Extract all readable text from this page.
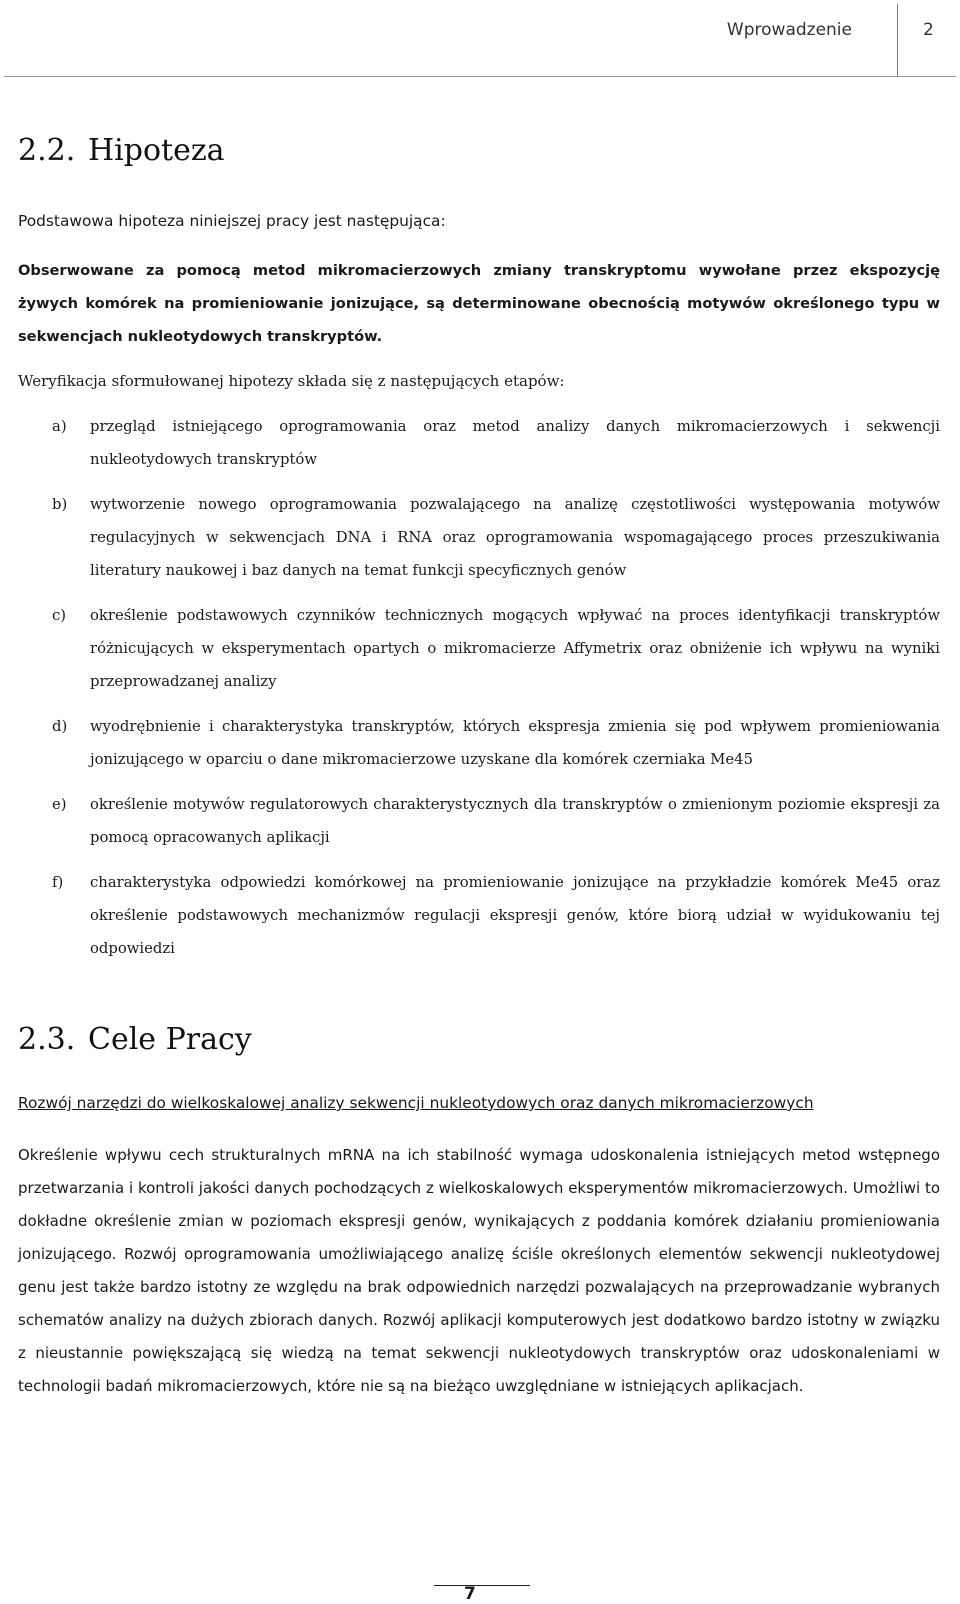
Wprowadzenie	2
2.2. Hipoteza

Podstawowa hipoteza niniejszej pracy jest następująca:

Obserwowane za pomocą metod mikromacierzowych zmiany transkryptomu wywołane przez ekspozycję żywych komórek na promieniowanie jonizujące, są determinowane obecnością motywów określonego typu w sekwencjach nukleotydowych transkryptów.

Weryfikacja sformułowanej hipotezy składa się z następujących etapów:

a) przegląd istniejącego oprogramowania oraz metod analizy danych mikromacierzowych i sekwencji nukleotydowych transkryptów
b) wytworzenie nowego oprogramowania pozwalającego na analizę częstotliwości występowania motywów regulacyjnych w sekwencjach DNA i RNA oraz oprogramowania wspomagającego proces przeszukiwania literatury naukowej i baz danych na temat funkcji specyficznych genów
c) określenie podstawowych czynników technicznych mogących wpływać na proces identyfikacji transkryptów różnicujących w eksperymentach opartych o mikromacierze Affymetrix oraz obniżenie ich wpływu na wyniki przeprowadzanej analizy
d) wyodrębnienie i charakterystyka transkryptów, których ekspresja zmienia się pod wpływem promieniowania jonizującego w oparciu o dane mikromacierzowe uzyskane dla komórek czerniaka Me45
e) określenie motywów regulatorowych charakterystycznych dla transkryptów o zmienionym poziomie ekspresji za pomocą opracowanych aplikacji
f) charakterystyka odpowiedzi komórkowej na promieniowanie jonizujące na przykładzie komórek Me45 oraz określenie podstawowych mechanizmów regulacji ekspresji genów, które biorą udział w wyidukowaniu tej odpowiedzi
2.3. Cele Pracy

Rozwój narzędzi do wielkoskalowej analizy sekwencji nukleotydowych oraz danych mikromacierzowych

Określenie wpływu cech strukturalnych mRNA na ich stabilność wymaga udoskonalenia istniejących metod wstępnego przetwarzania i kontroli jakości danych pochodzących z wielkoskalowych eksperymentów mikromacierzowych. Umożliwi to dokładne określenie zmian w poziomach ekspresji genów, wynikających z poddania komórek działaniu promieniowania jonizującego. Rozwój oprogramowania umożliwiającego analizę ściśle określonych elementów sekwencji nukleotydowej genu jest także bardzo istotny ze względu na brak odpowiednich narzędzi pozwalających na przeprowadzanie wybranych schematów analizy na dużych zbiorach danych. Rozwój aplikacji komputerowych jest dodatkowo bardzo istotny w związku z nieustannie powiększającą się wiedzą na temat sekwencji nukleotydowych transkryptów oraz udoskonaleniami w technologii badań mikromacierzowych, które nie są na bieżąco uwzględniane w istniejących aplikacjach.

7
